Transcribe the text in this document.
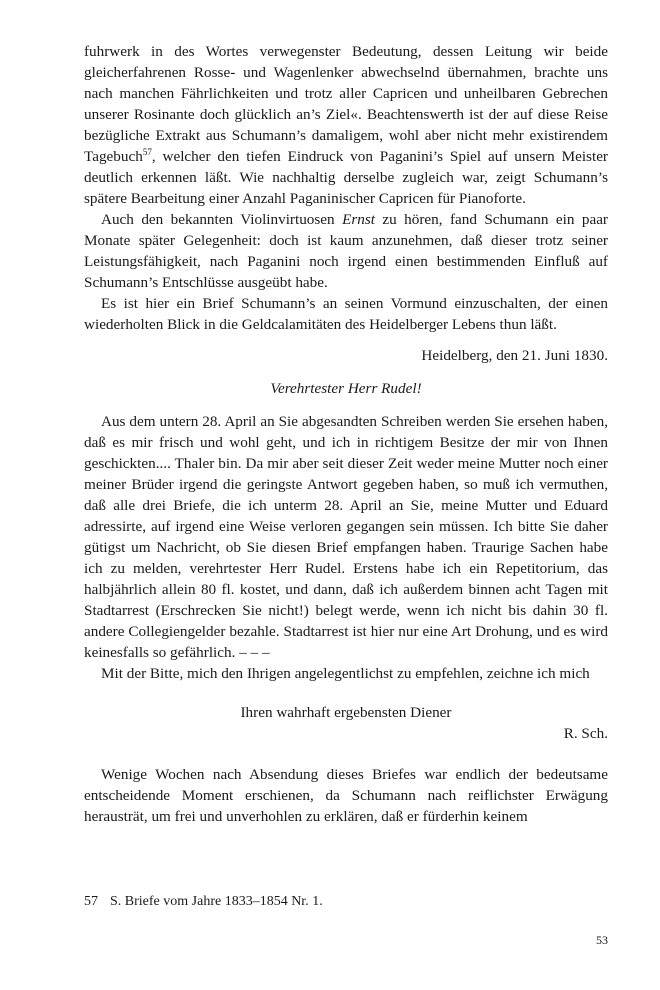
fuhrwerk in des Wortes verwegenster Bedeutung, dessen Leitung wir beide gleicherfahrenen Rosse- und Wagenlenker abwechselnd übernahmen, brachte uns nach manchen Fährlichkeiten und trotz aller Capricen und unheilbaren Gebrechen unserer Rosinante doch glücklich an’s Ziel«. Beachtenswerth ist der auf diese Reise bezügliche Extrakt aus Schumann’s damaligem, wohl aber nicht mehr existirendem Tagebuch$^{57}$, welcher den tiefen Eindruck von Paganini’s Spiel auf unsern Meister deutlich erkennen läßt. Wie nachhaltig derselbe zugleich war, zeigt Schumann’s spätere Bearbeitung einer Anzahl Paganinischer Capricen für Pianoforte.

Auch den bekannten Violinvirtuosen Ernst zu hören, fand Schumann ein paar Monate später Gelegenheit: doch ist kaum anzunehmen, daß dieser trotz seiner Leistungsfähigkeit, nach Paganini noch irgend einen bestimmenden Einfluß auf Schumann’s Entschlüsse ausgeübt habe.

Es ist hier ein Brief Schumann’s an seinen Vormund einzuschalten, der einen wiederholten Blick in die Geldcalamitäten des Heidelberger Lebens thun läßt.

Heidelberg, den 21. Juni 1830.

Verehrtester Herr Rudel!

Aus dem untern 28. April an Sie abgesandten Schreiben werden Sie ersehen haben, daß es mir frisch und wohl geht, und ich in richtigem Besitze der mir von Ihnen geschickten.... Thaler bin. Da mir aber seit dieser Zeit weder meine Mutter noch einer meiner Brüder irgend die geringste Antwort gegeben haben, so muß ich vermuthen, daß alle drei Briefe, die ich unterm 28. April an Sie, meine Mutter und Eduard adressirte, auf irgend eine Weise verloren gegangen sein müssen. Ich bitte Sie daher gütigst um Nachricht, ob Sie diesen Brief empfangen haben. Traurige Sachen habe ich zu melden, verehrtester Herr Rudel. Erstens habe ich ein Repetitorium, das halbjährlich allein 80 fl. kostet, und dann, daß ich außerdem binnen acht Tagen mit Stadtarrest (Erschrecken Sie nicht!) belegt werde, wenn ich nicht bis dahin 30 fl. andere Collegiengelder bezahle. Stadtarrest ist hier nur eine Art Drohung, und es wird keinesfalls so gefährlich. – – –

Mit der Bitte, mich den Ihrigen angelegentlichst zu empfehlen, zeichne ich mich

Ihren wahrhaft ergebensten Diener

R. Sch.

Wenige Wochen nach Absendung dieses Briefes war endlich der bedeutsame entscheidende Moment erschienen, da Schumann nach reiflichster Erwägung herausträt, um frei und unverhohlen zu erklären, daß er fürderhin keinem

57 S. Briefe vom Jahre 1833–1854 Nr. 1.
53
